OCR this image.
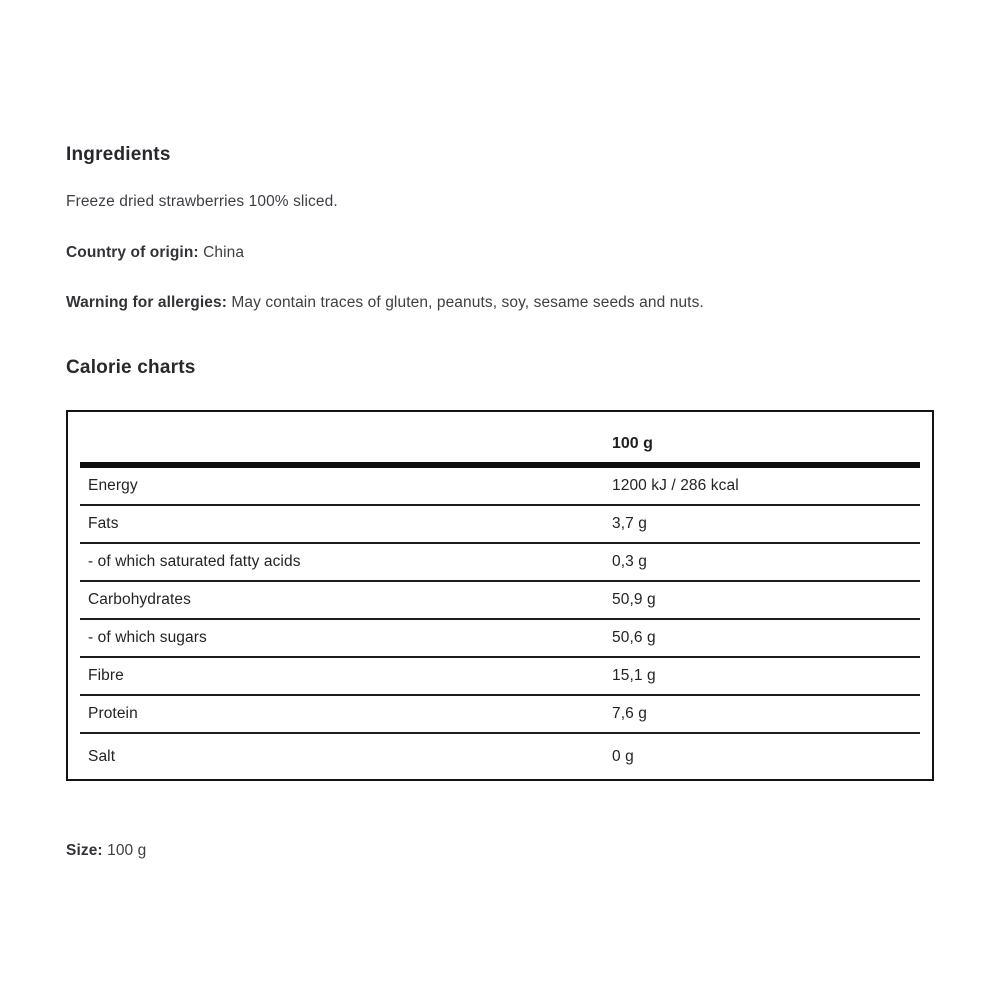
Ingredients

Freeze dried strawberries 100% sliced.

Country of origin: China

Warning for allergies: May contain traces of gluten, peanuts, soy, sesame seeds and nuts.

Calorie charts
100 g
Energy	1200 kJ / 286 kcal
Fats	3,7 g
- of which saturated fatty acids	0,3 g
Carbohydrates	50,9 g
- of which sugars	50,6 g
Fibre	15,1 g
Protein	7,6 g
Salt	0 g

Size: 100 g
